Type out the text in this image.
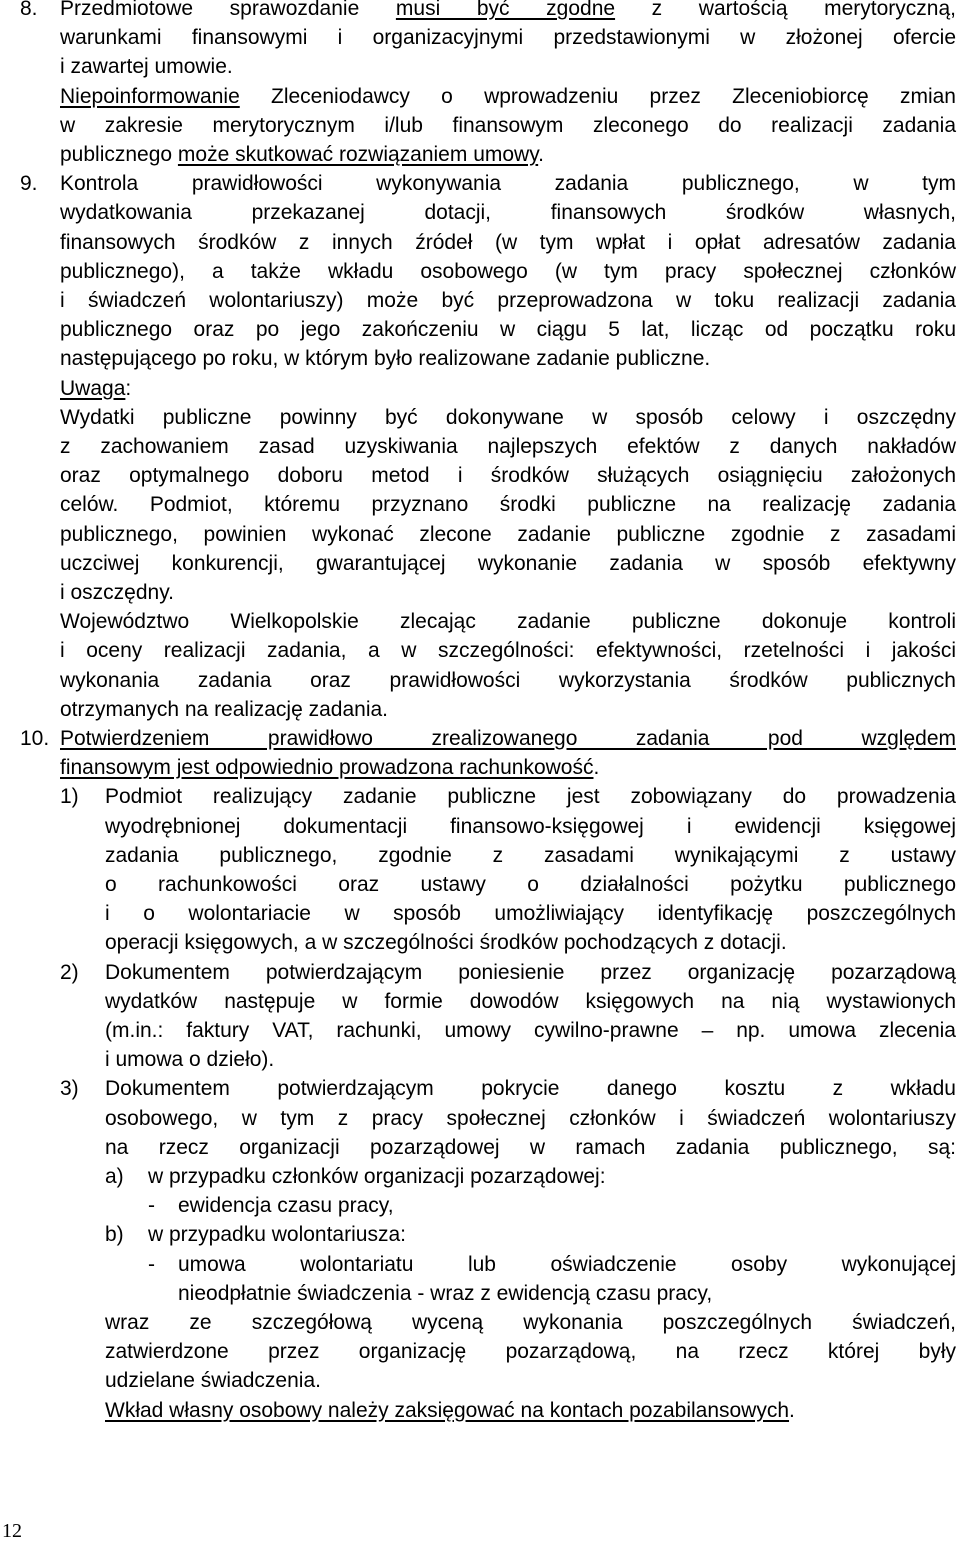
8. Przedmiotowe sprawozdanie musi być zgodne z wartością merytoryczną,
warunkami finansowymi i organizacyjnymi przedstawionymi w złożonej ofercie
i zawartej umowie.
Niepoinformowanie Zleceniodawcy o wprowadzeniu przez Zleceniobiorcę zmian
w zakresie merytorycznym i/lub finansowym zleconego do realizacji zadania
publicznego może skutkować rozwiązaniem umowy.
9. Kontrola prawidłowości wykonywania zadania publicznego, w tym
wydatkowania przekazanej dotacji, finansowych środków własnych,
finansowych środków z innych źródeł (w tym wpłat i opłat adresatów zadania
publicznego), a także wkładu osobowego (w tym pracy społecznej członków
i świadczeń wolontariuszy) może być przeprowadzona w toku realizacji zadania
publicznego oraz po jego zakończeniu w ciągu 5 lat, licząc od początku roku
następującego po roku, w którym było realizowane zadanie publiczne.
Uwaga:
Wydatki publiczne powinny być dokonywane w sposób celowy i oszczędny
z zachowaniem zasad uzyskiwania najlepszych efektów z danych nakładów
oraz optymalnego doboru metod i środków służących osiągnięciu założonych
celów. Podmiot, któremu przyznano środki publiczne na realizację zadania
publicznego, powinien wykonać zlecone zadanie publiczne zgodnie z zasadami
uczciwej konkurencji, gwarantującej wykonanie zadania w sposób efektywny
i oszczędny.
Województwo Wielkopolskie zlecając zadanie publiczne dokonuje kontroli
i oceny realizacji zadania, a w szczególności: efektywności, rzetelności i jakości
wykonania zadania oraz prawidłowości wykorzystania środków publicznych
otrzymanych na realizację zadania.
10. Potwierdzeniem prawidłowo zrealizowanego zadania pod względem
finansowym jest odpowiednio prowadzona rachunkowość.
1) Podmiot realizujący zadanie publiczne jest zobowiązany do prowadzenia
wyodrębnionej dokumentacji finansowo-księgowej i ewidencji księgowej
zadania publicznego, zgodnie z zasadami wynikającymi z ustawy
o rachunkowości oraz ustawy o działalności pożytku publicznego
i o wolontariacie w sposób umożliwiający identyfikację poszczególnych
operacji księgowych, a w szczególności środków pochodzących z dotacji.
2) Dokumentem potwierdzającym poniesienie przez organizację pozarządową
wydatków następuje w formie dowodów księgowych na nią wystawionych
(m.in.: faktury VAT, rachunki, umowy cywilno-prawne – np. umowa zlecenia
i umowa o dzieło).
3) Dokumentem potwierdzającym pokrycie danego kosztu z wkładu
osobowego, w tym z pracy społecznej członków i świadczeń wolontariuszy
na rzecz organizacji pozarządowej w ramach zadania publicznego, są:
a) w przypadku członków organizacji pozarządowej:
- ewidencja czasu pracy,
b) w przypadku wolontariusza:
- umowa wolontariatu lub oświadczenie osoby wykonującej
nieodpłatnie świadczenia - wraz z ewidencją czasu pracy,
wraz ze szczegółową wyceną wykonania poszczególnych świadczeń,
zatwierdzone przez organizację pozarządową, na rzecz której były
udzielane świadczenia.
Wkład własny osobowy należy zaksięgować na kontach pozabilansowych.
12
